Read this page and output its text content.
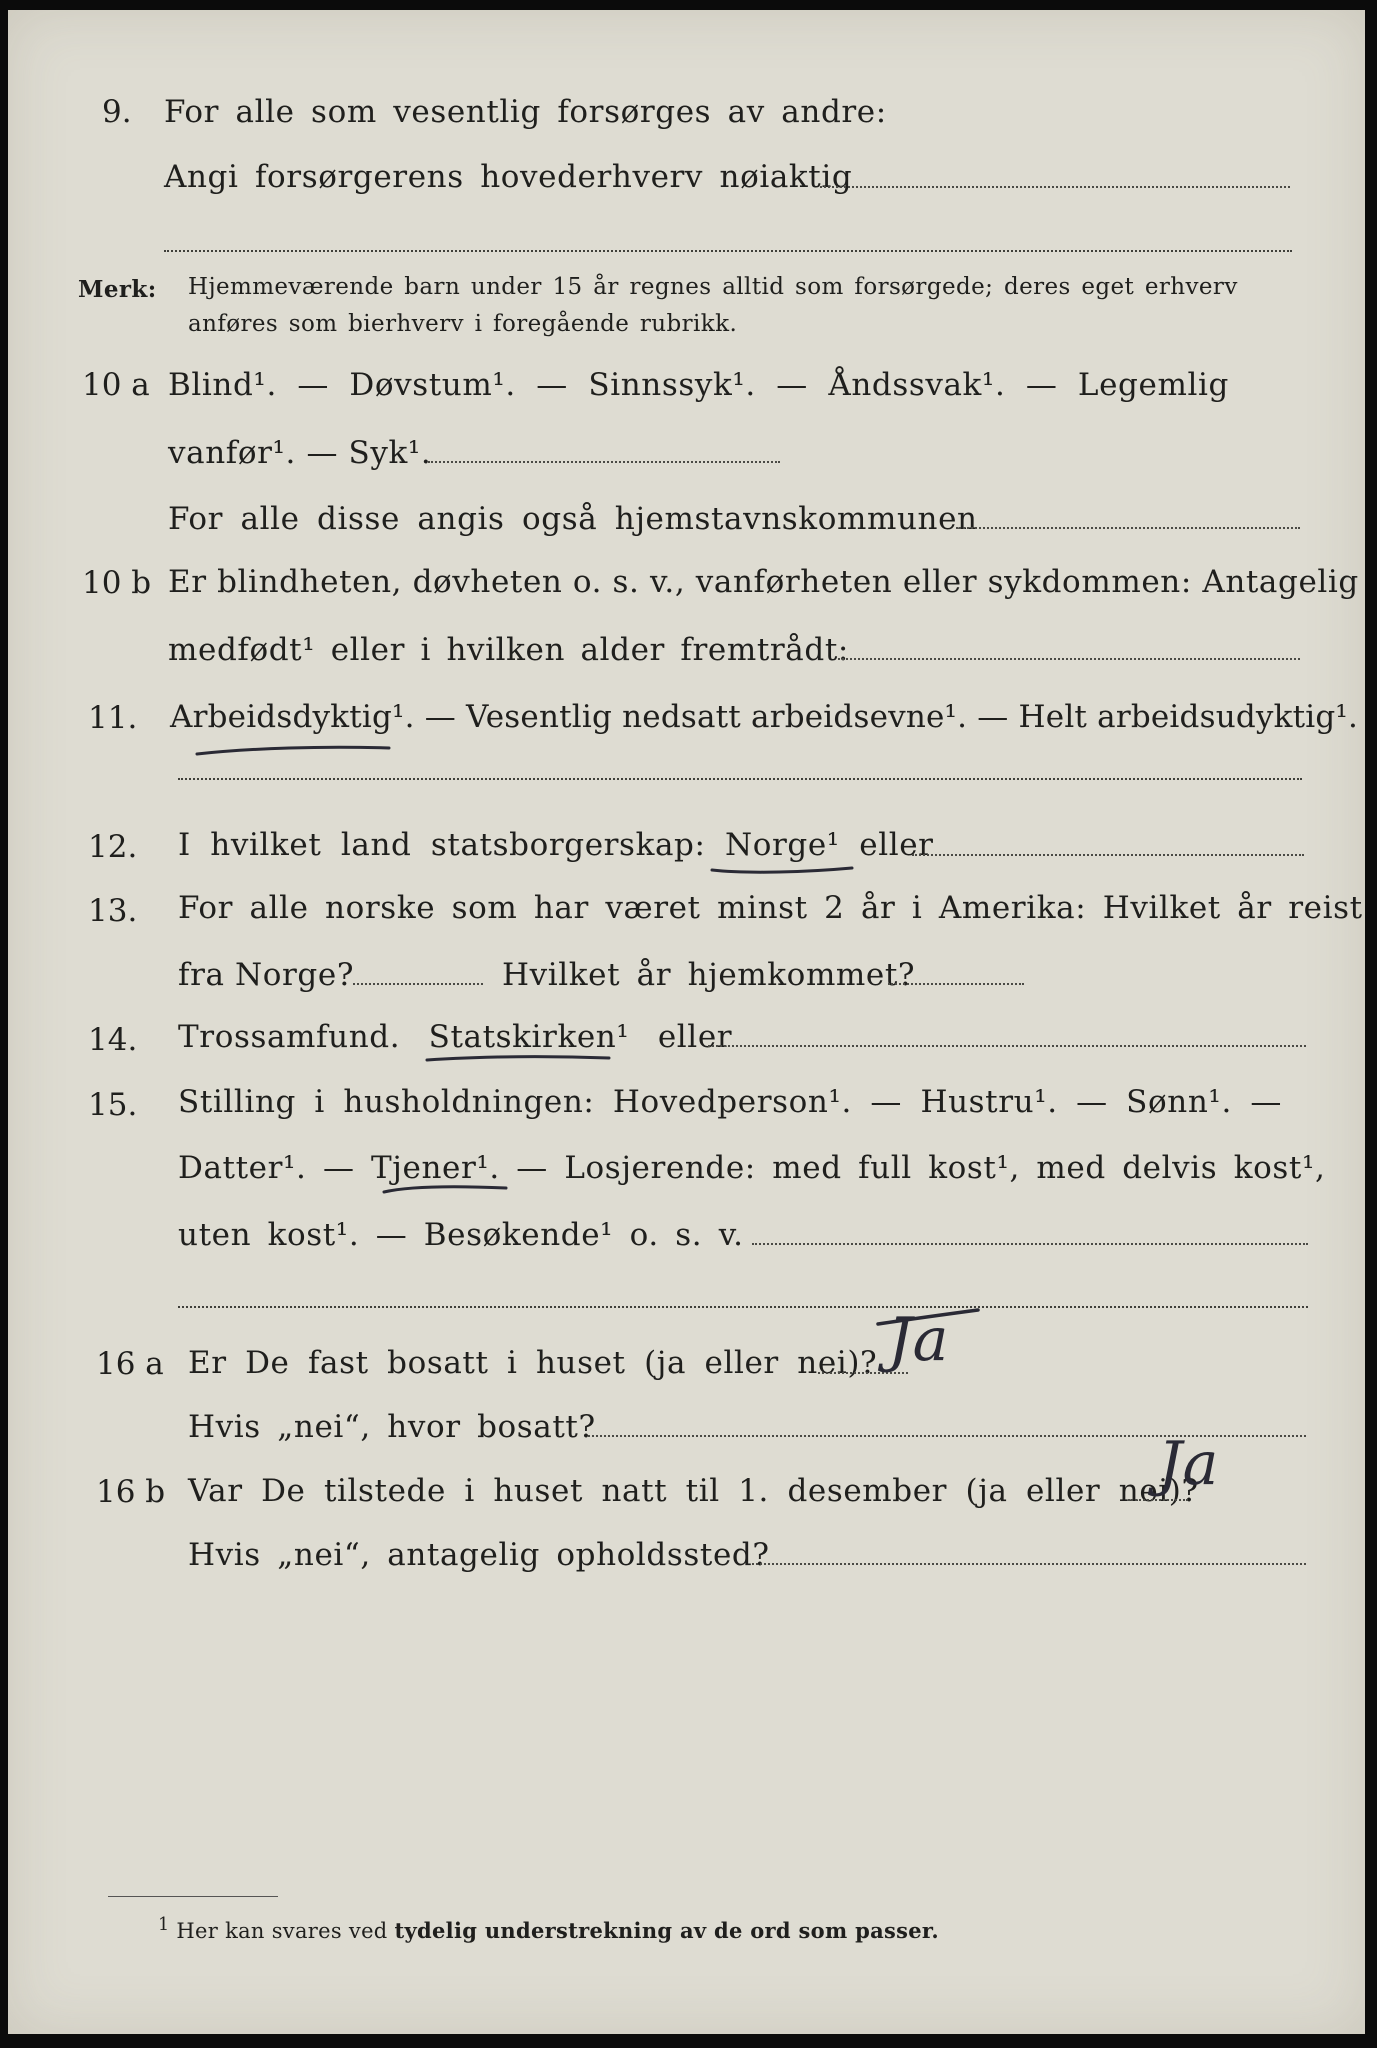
9. For alle som vesentlig forsørges av andre:
Angi forsørgerens hovederhverv nøiaktig
Merk: Hjemmeværende barn under 15 år regnes alltid som forsørgede; deres eget erhverv
anføres som bierhverv i foregående rubrikk.
10 a Blind¹. — Døvstum¹. — Sinnssyk¹. — Åndssvak¹. — Legemlig
vanfør¹. — Syk¹.
For alle disse angis også hjemstavnskommunen
10 b Er blindheten, døvheten o. s. v., vanførheten eller sykdommen: Antagelig
medfødt¹ eller i hvilken alder fremtrådt:
11. Arbeidsdyktig¹. — Vesentlig nedsatt arbeidsevne¹. — Helt arbeidsudyktig¹.
12. I hvilket land statsborgerskap: Norge¹ eller
13. For alle norske som har været minst 2 år i Amerika: Hvilket år reist
fra Norge?	Hvilket år hjemkommet?
14. Trossamfund. Statskirken¹ eller
15. Stilling i husholdningen: Hovedperson¹. — Hustru¹. — Sønn¹. —
Datter¹. — Tjener¹. — Losjerende: med full kost¹, med delvis kost¹,
uten kost¹. — Besøkende¹ o. s. v.
16 a Er De fast bosatt i huset (ja eller nei)? Ja
Hvis „nei“, hvor bosatt?
16 b Var De tilstede i huset natt til 1. desember (ja eller nei)?
Ja
Hvis „nei“, antagelig opholdssted?
$^1$ Her kan svares ved tydelig understrekning av de ord som passer.
